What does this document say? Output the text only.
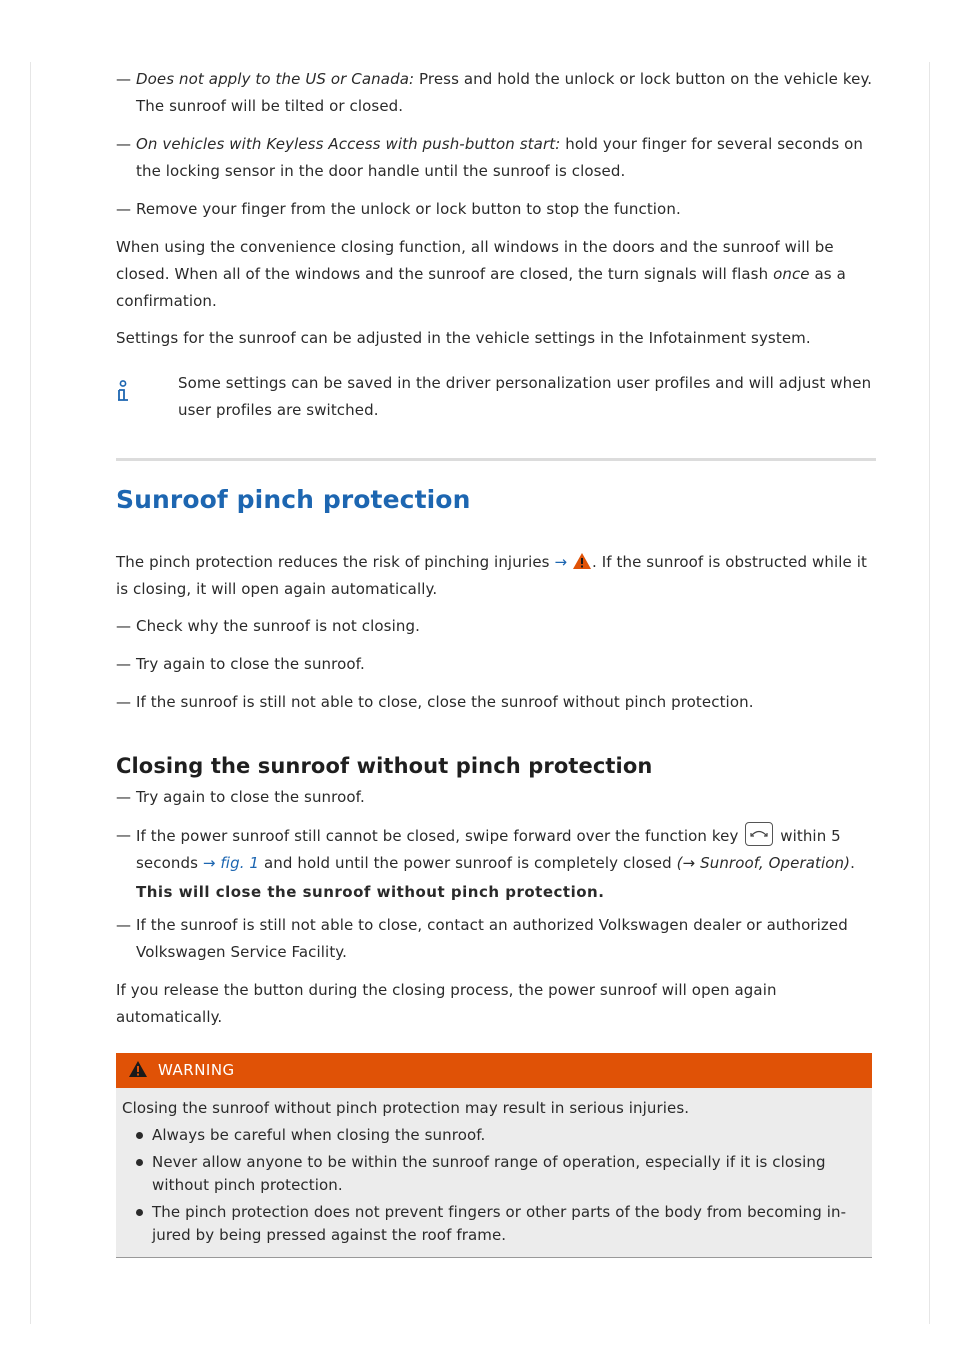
— Does not apply to the US or Canada: Press and hold the unlock or lock button on the vehicle key. The sunroof will be tilted or closed.
— On vehicles with Keyless Access with push-button start: hold your finger for several seconds on the locking sensor in the door handle until the sunroof is closed.
— Remove your finger from the unlock or lock button to stop the function.

When using the convenience closing function, all windows in the doors and the sunroof will be closed. When all of the windows and the sunroof are closed, the turn signals will flash once as a confirmation.

Settings for the sunroof can be adjusted in the vehicle settings in the Infotainment system.

Some settings can be saved in the driver personalization user profiles and will adjust when user profiles are switched.
Sunroof pinch protection

The pinch protection reduces the risk of pinching injuries → . If the sunroof is obstructed while it is closing, it will open again automatically.

— Check why the sunroof is not closing.
— Try again to close the sunroof.
— If the sunroof is still not able to close, close the sunroof without pinch protection.
Closing the sunroof without pinch protection
— Try again to close the sunroof.
— If the power sunroof still cannot be closed, swipe forward over the function key
within 5 seconds → fig. 1 and hold until the power sunroof is completely closed (→ Sunroof, Operation).
This will close the sunroof without pinch protection.
— If the sunroof is still not able to close, contact an authorized Volkswagen dealer or authorized Volkswagen Service Facility.

If you release the button during the closing process, the power sunroof will open again automatically.

WARNING
Closing the sunroof without pinch protection may result in serious injuries.
Always be careful when closing the sunroof.
Never allow anyone to be within the sunroof range of operation, especially if it is closing without pinch protection.
The pinch protection does not prevent fingers or other parts of the body from becoming in-jured by being pressed against the roof frame.
